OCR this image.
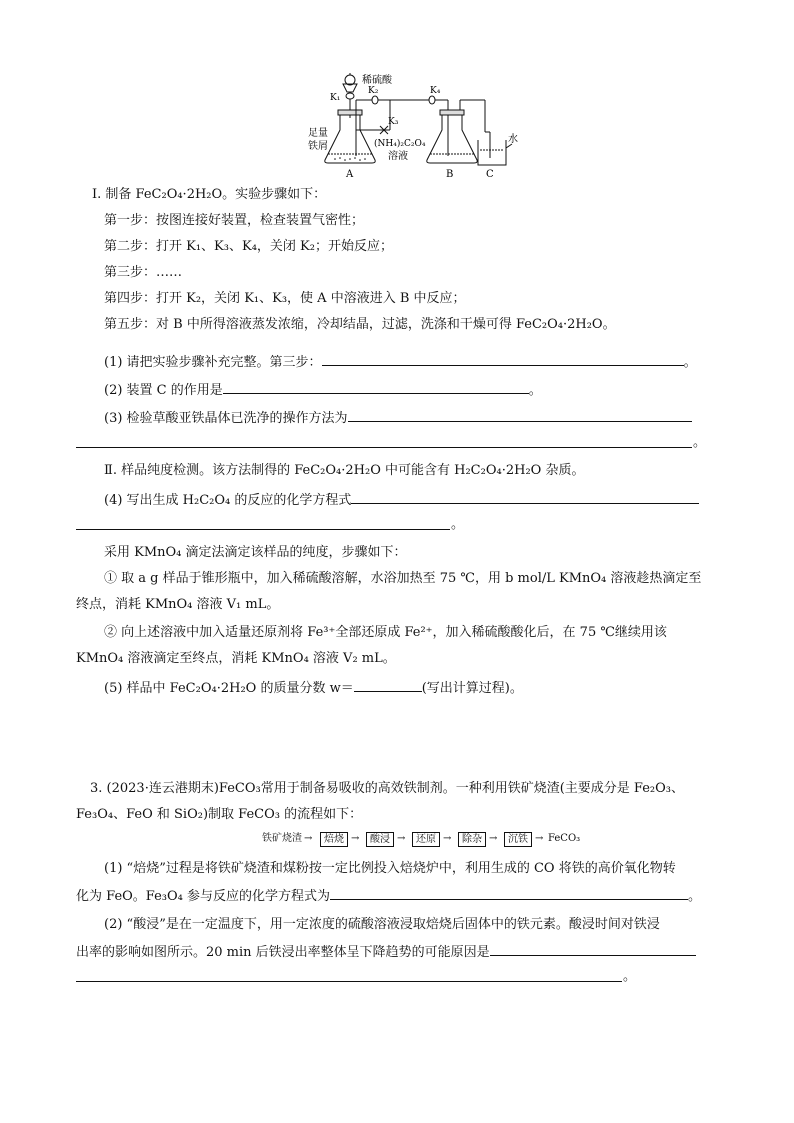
稀硫酸
K₁
K₂
K₃
K₄
足量
铁屑	(NH₄)₂C₂O₄
溶液
水
A	B	C
Ⅰ. 制备 FeC₂O₄·2H₂O。实验步骤如下：
第一步：按图连接好装置，检查装置气密性；
第二步：打开 K₁、K₃、K₄，关闭 K₂；开始反应；
第三步：……
第四步：打开 K₂，关闭 K₁、K₃，使 A 中溶液进入 B 中反应；
第五步：对 B 中所得溶液蒸发浓缩，冷却结晶，过滤，洗涤和干燥可得 FeC₂O₄·2H₂O。
(1) 请把实验步骤补充完整。第三步：	。
(2) 装置 C 的作用是	。
(3) 检验草酸亚铁晶体已洗净的操作方法为
。
Ⅱ. 样品纯度检测。该方法制得的 FeC₂O₄·2H₂O 中可能含有 H₂C₂O₄·2H₂O 杂质。
(4) 写出生成 H₂C₂O₄ 的反应的化学方程式
。
采用 KMnO₄ 滴定法滴定该样品的纯度，步骤如下：
① 取 a g 样品于锥形瓶中，加入稀硫酸溶解，水浴加热至 75 ℃，用 b mol/L KMnO₄ 溶液趁热滴定至
终点，消耗 KMnO₄ 溶液 V₁ mL。
② 向上述溶液中加入适量还原剂将 Fe³⁺全部还原成 Fe²⁺，加入稀硫酸酸化后，在 75 ℃继续用该
KMnO₄ 溶液滴定至终点，消耗 KMnO₄ 溶液 V₂ mL。
(5) 样品中 FeC₂O₄·2H₂O 的质量分数 w＝	(写出计算过程)。
3. (2023·连云港期末)FeCO₃常用于制备易吸收的高效铁制剂。一种利用铁矿烧渣(主要成分是 Fe₂O₃、
Fe₃O₄、FeO 和 SiO₂)制取 FeCO₃ 的流程如下：
铁矿烧渣 →	焙烧 →	酸浸 →	还原 →	除杂 →	沉铁 → FeCO₃
(1) “焙烧”过程是将铁矿烧渣和煤粉按一定比例投入焙烧炉中，利用生成的 CO 将铁的高价氧化物转
化为 FeO。Fe₃O₄ 参与反应的化学方程式为	。
(2) “酸浸”是在一定温度下，用一定浓度的硫酸溶液浸取焙烧后固体中的铁元素。酸浸时间对铁浸
出率的影响如图所示。20 min 后铁浸出率整体呈下降趋势的可能原因是
。
